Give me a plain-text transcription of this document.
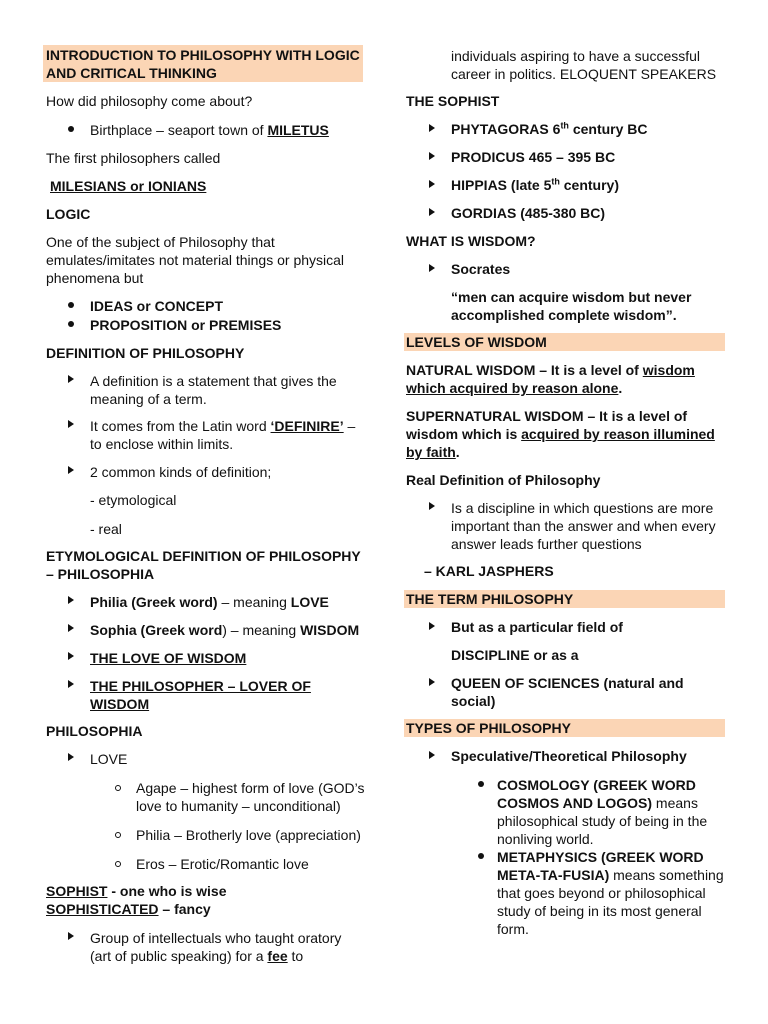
INTRODUCTION TO PHILOSOPHY WITH LOGIC
AND CRITICAL THINKING
How did philosophy come about?
Birthplace – seaport town of MILETUS
The first philosophers called
MILESIANS or IONIANS
LOGIC
One of the subject of Philosophy that
emulates/imitates not material things or physical
phenomena but
IDEAS or CONCEPT
PROPOSITION or PREMISES
DEFINITION OF PHILOSOPHY
A definition is a statement that gives the
meaning of a term.
It comes from the Latin word ‘DEFINIRE’ –
to enclose within limits.
2 common kinds of definition;
- etymological
- real
ETYMOLOGICAL DEFINITION OF PHILOSOPHY
– PHILOSOPHIA
Philia (Greek word) – meaning LOVE
Sophia (Greek word) – meaning WISDOM
THE LOVE OF WISDOM
THE PHILOSOPHER – LOVER OF
WISDOM
PHILOSOPHIA
LOVE
Agape – highest form of love (GOD’s
love to humanity – unconditional)
Philia – Brotherly love (appreciation)
Eros – Erotic/Romantic love
SOPHIST - one who is wise
SOPHISTICATED – fancy
Group of intellectuals who taught oratory
(art of public speaking) for a fee to
individuals aspiring to have a successful
career in politics. ELOQUENT SPEAKERS
THE SOPHIST
PHYTAGORAS 6th century BC
PRODICUS 465 – 395 BC
HIPPIAS (late 5th century)
GORDIAS (485-380 BC)
WHAT IS WISDOM?
Socrates
“men can acquire wisdom but never
accomplished complete wisdom”.
LEVELS OF WISDOM
NATURAL WISDOM – It is a level of wisdom
which acquired by reason alone.
SUPERNATURAL WISDOM – It is a level of
wisdom which is acquired by reason illumined
by faith.
Real Definition of Philosophy
Is a discipline in which questions are more
important than the answer and when every
answer leads further questions
– KARL JASPHERS
THE TERM PHILOSOPHY
But as a particular field of
DISCIPLINE or as a
QUEEN OF SCIENCES (natural and
social)
TYPES OF PHILOSOPHY
Speculative/Theoretical Philosophy
COSMOLOGY (GREEK WORD
COSMOS AND LOGOS) means
philosophical study of being in the
nonliving world.
METAPHYSICS (GREEK WORD
META-TA-FUSIA) means something
that goes beyond or philosophical
study of being in its most general
form.
